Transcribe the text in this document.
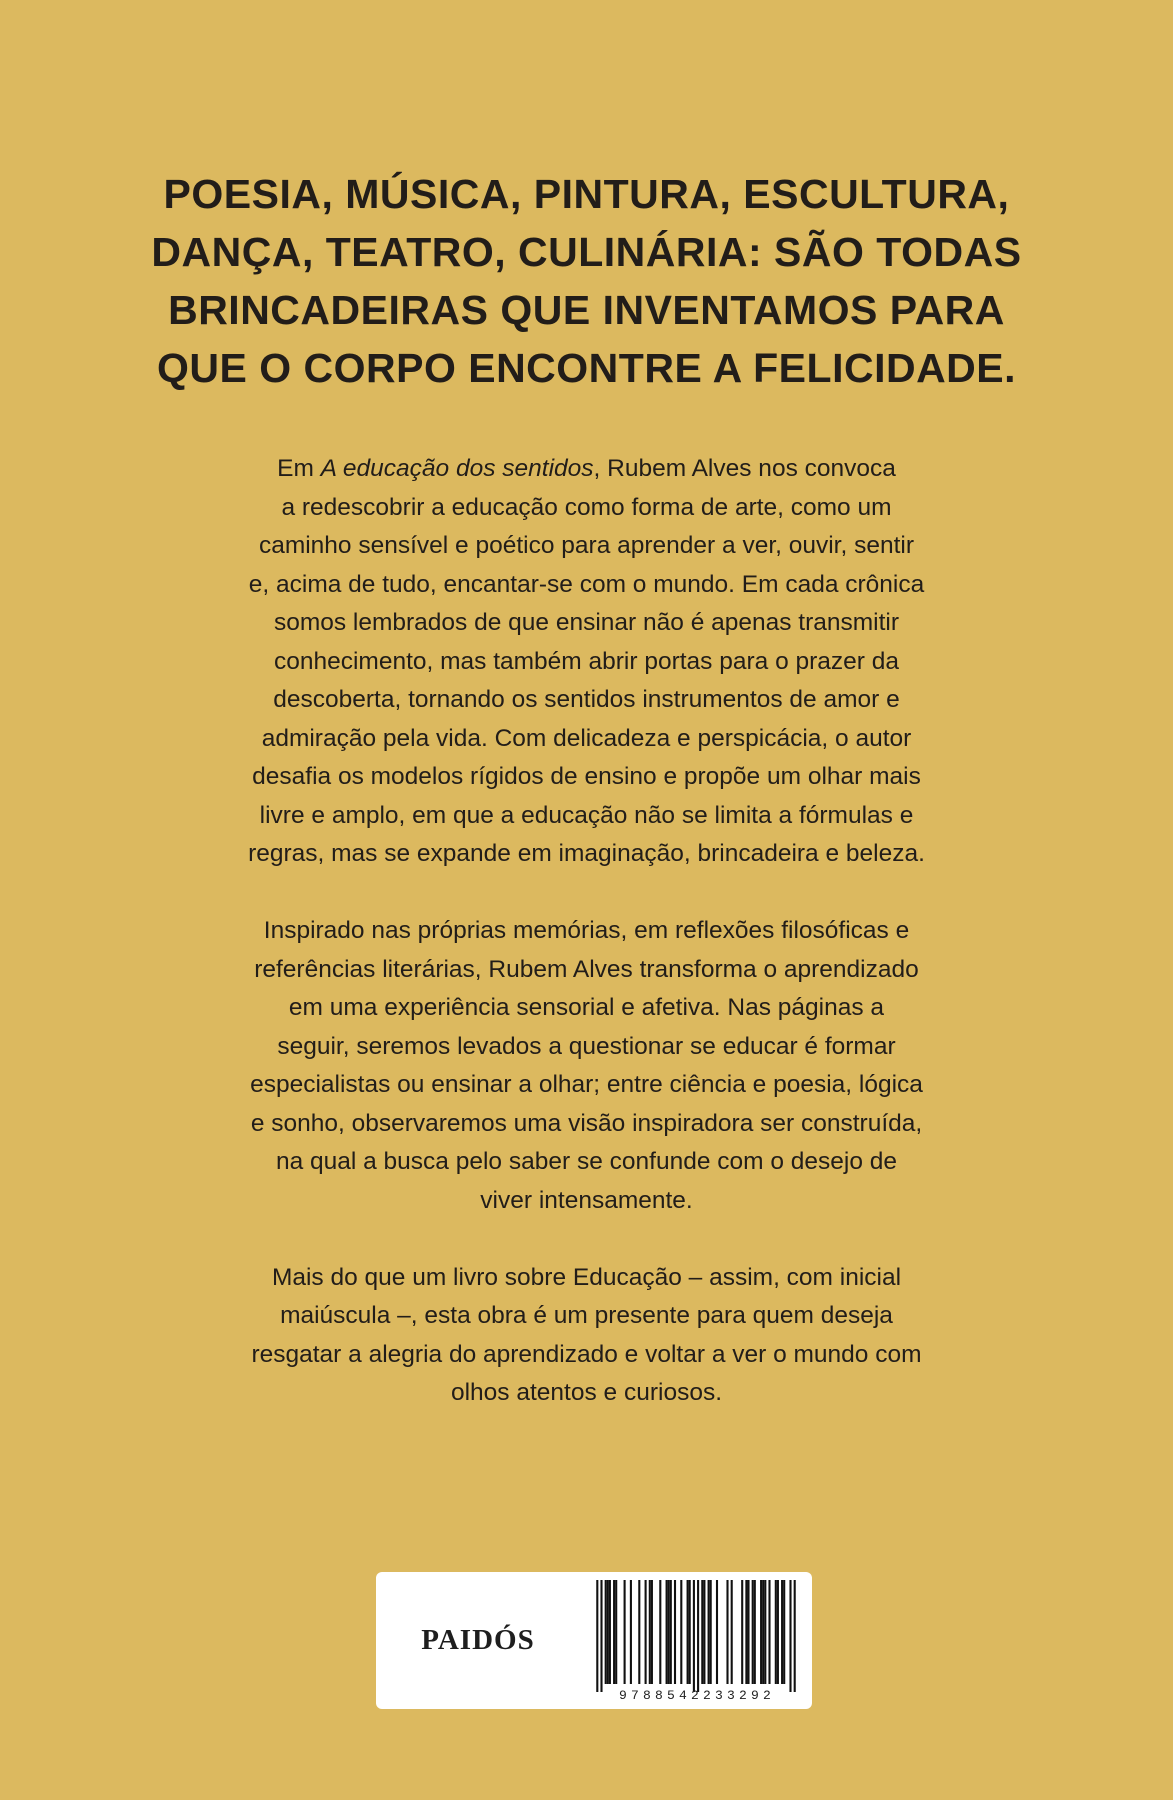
POESIA, MÚSICA, PINTURA, ESCULTURA,
DANÇA, TEATRO, CULINÁRIA: SÃO TODAS
BRINCADEIRAS QUE INVENTAMOS PARA
QUE O CORPO ENCONTRE A FELICIDADE.

Em A educação dos sentidos, Rubem Alves nos convoca
a redescobrir a educação como forma de arte, como um
caminho sensível e poético para aprender a ver, ouvir, sentir
e, acima de tudo, encantar-se com o mundo. Em cada crônica
somos lembrados de que ensinar não é apenas transmitir
conhecimento, mas também abrir portas para o prazer da
descoberta, tornando os sentidos instrumentos de amor e
admiração pela vida. Com delicadeza e perspicácia, o autor
desafia os modelos rígidos de ensino e propõe um olhar mais
livre e amplo, em que a educação não se limita a fórmulas e
regras, mas se expande em imaginação, brincadeira e beleza.

Inspirado nas próprias memórias, em reflexões filosóficas e
referências literárias, Rubem Alves transforma o aprendizado
em uma experiência sensorial e afetiva. Nas páginas a
seguir, seremos levados a questionar se educar é formar
especialistas ou ensinar a olhar; entre ciência e poesia, lógica
e sonho, observaremos uma visão inspiradora ser construída,
na qual a busca pelo saber se confunde com o desejo de
viver intensamente.

Mais do que um livro sobre Educação – assim, com inicial
maiúscula –, esta obra é um presente para quem deseja
resgatar a alegria do aprendizado e voltar a ver o mundo com
olhos atentos e curiosos.

PAIDÓS
9788542233292
